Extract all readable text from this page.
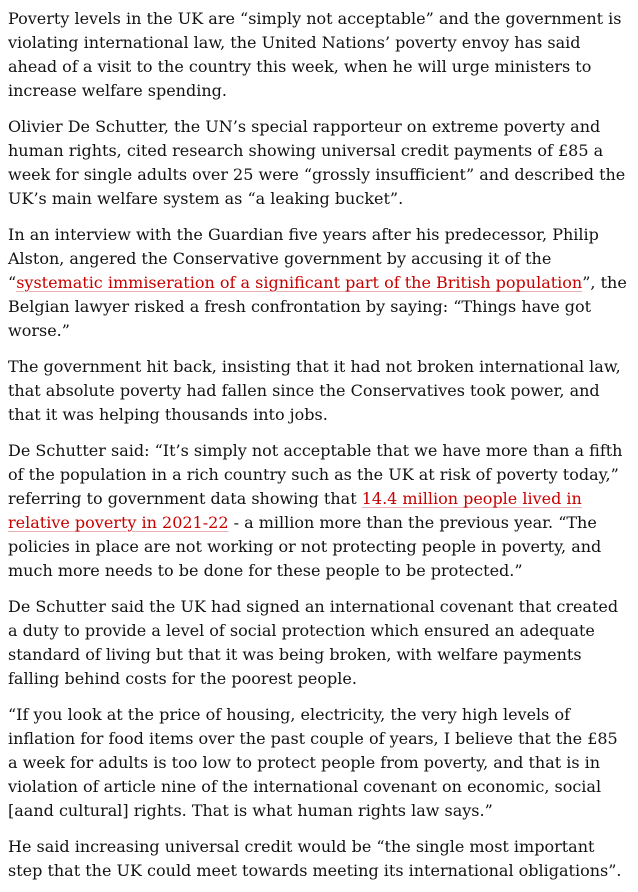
Poverty levels in the UK are “simply not acceptable” and the government is violating international law, the United Nations’ poverty envoy has said ahead of a visit to the country this week, when he will urge ministers to increase welfare spending.

Olivier De Schutter, the UN’s special rapporteur on extreme poverty and human rights, cited research showing universal credit payments of £85 a week for single adults over 25 were “grossly insufficient” and described the UK’s main welfare system as “a leaking bucket”.

In an interview with the Guardian five years after his predecessor, Philip Alston, angered the Conservative government by accusing it of the “systematic immiseration of a significant part of the British population”, the Belgian lawyer risked a fresh confrontation by saying: “Things have got worse.”

The government hit back, insisting that it had not broken international law, that absolute poverty had fallen since the Conservatives took power, and that it was helping thousands into jobs.

De Schutter said: “It’s simply not acceptable that we have more than a fifth of the population in a rich country such as the UK at risk of poverty today,” referring to government data showing that 14.4 million people lived in relative poverty in 2021-22 - a million more than the previous year. “The policies in place are not working or not protecting people in poverty, and much more needs to be done for these people to be protected.”

De Schutter said the UK had signed an international covenant that created a duty to provide a level of social protection which ensured an adequate standard of living but that it was being broken, with welfare payments falling behind costs for the poorest people.

“If you look at the price of housing, electricity, the very high levels of inflation for food items over the past couple of years, I believe that the £85 a week for adults is too low to protect people from poverty, and that is in violation of article nine of the international covenant on economic, social [aand cultural] rights. That is what human rights law says.”

He said increasing universal credit would be “the single most important step that the UK could meet towards meeting its international obligations”.
